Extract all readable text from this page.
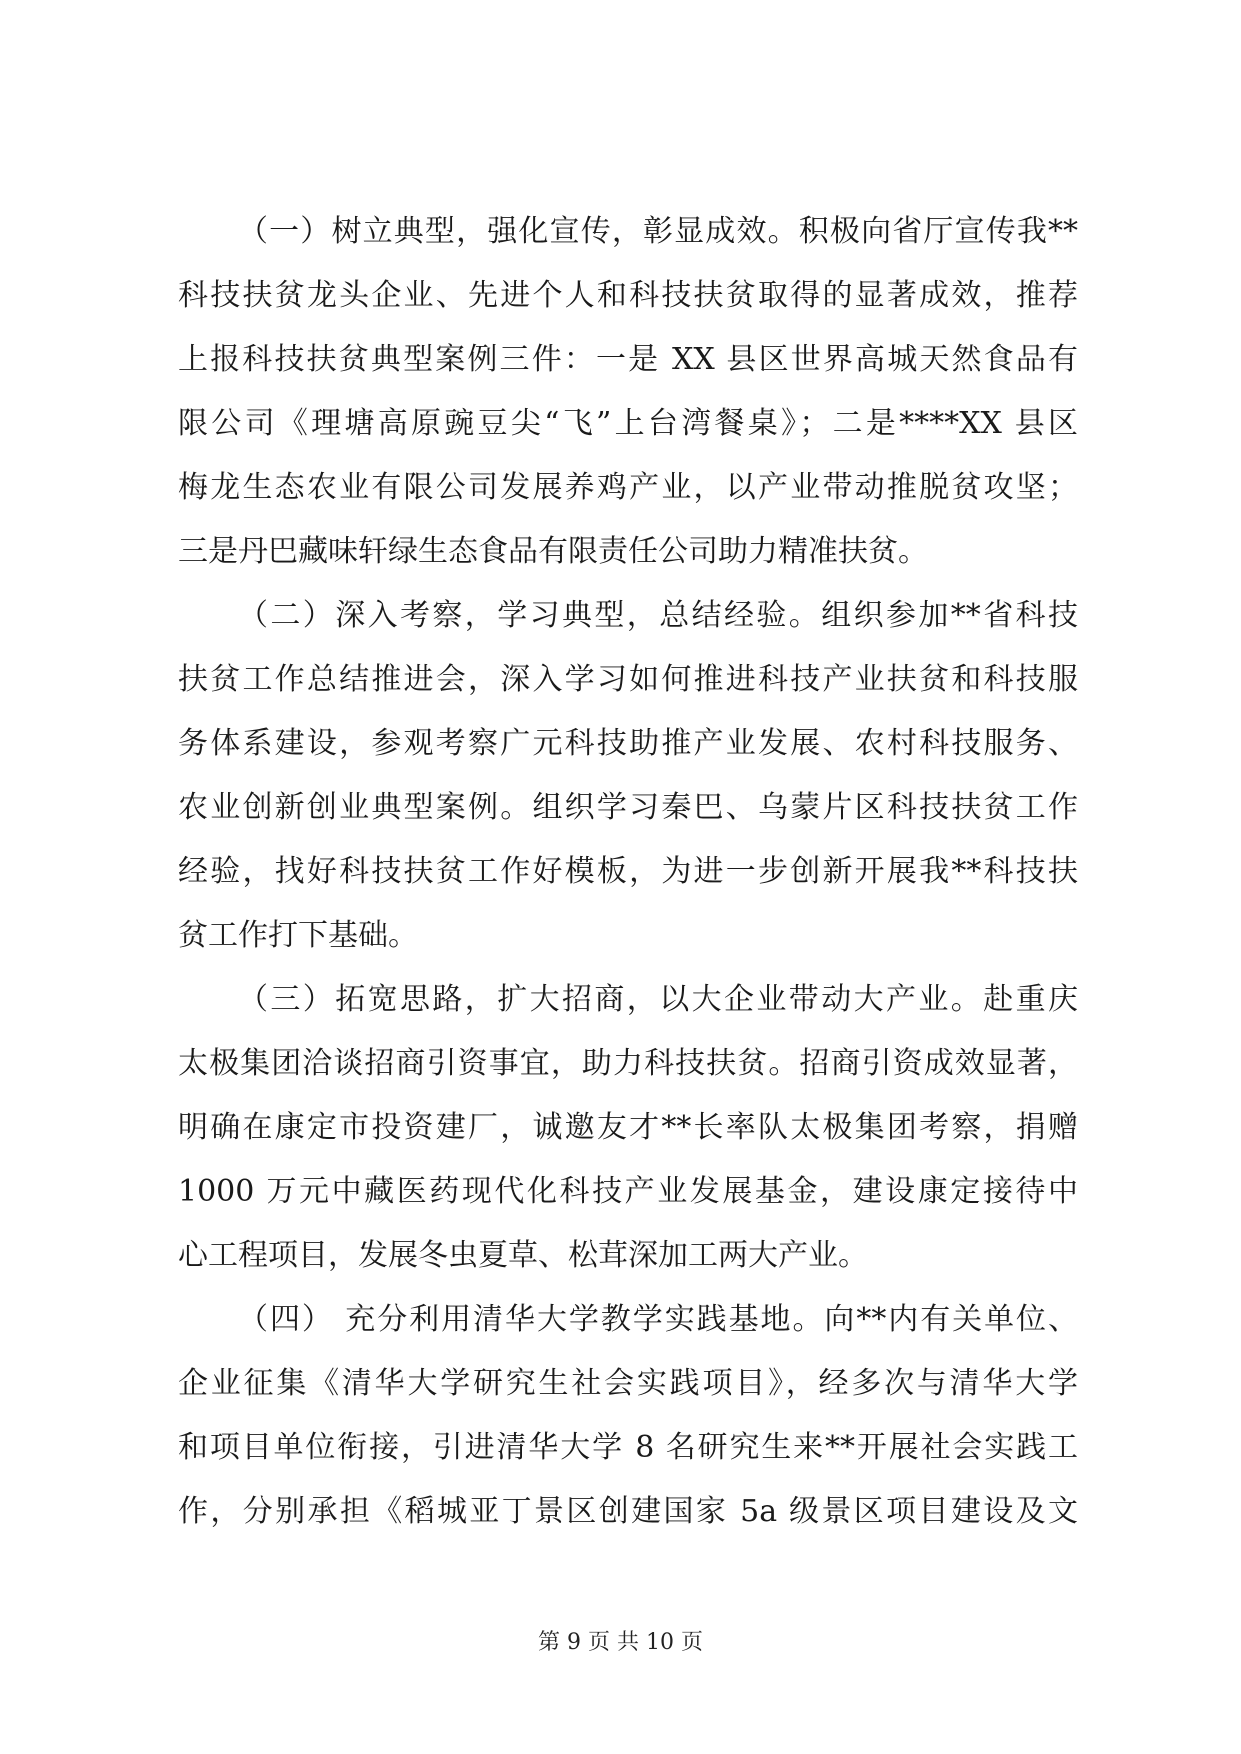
（一）树立典型，强化宣传，彰显成效。积极向省厅宣传我**
科技扶贫龙头企业、先进个人和科技扶贫取得的显著成效，推荐
上报科技扶贫典型案例三件：一是 XX 县区世界高城天然食品有
限公司《理塘高原豌豆尖“飞”上台湾餐桌》；二是****XX 县区
梅龙生态农业有限公司发展养鸡产业，以产业带动推脱贫攻坚；
三是丹巴藏味轩绿生态食品有限责任公司助力精准扶贫。
（二）深入考察，学习典型，总结经验。组织参加**省科技
扶贫工作总结推进会，深入学习如何推进科技产业扶贫和科技服
务体系建设，参观考察广元科技助推产业发展、农村科技服务、
农业创新创业典型案例。组织学习秦巴、乌蒙片区科技扶贫工作
经验，找好科技扶贫工作好模板，为进一步创新开展我**科技扶
贫工作打下基础。
（三）拓宽思路，扩大招商，以大企业带动大产业。赴重庆
太极集团洽谈招商引资事宜，助力科技扶贫。招商引资成效显著，
明确在康定市投资建厂，诚邀友才**长率队太极集团考察，捐赠
1000 万元中藏医药现代化科技产业发展基金，建设康定接待中
心工程项目，发展冬虫夏草、松茸深加工两大产业。
（四） 充分利用清华大学教学实践基地。向**内有关单位、
企业征集《清华大学研究生社会实践项目》，经多次与清华大学
和项目单位衔接，引进清华大学 8 名研究生来**开展社会实践工
作，分别承担《稻城亚丁景区创建国家 5a 级景区项目建设及文
第 9 页 共 10 页
